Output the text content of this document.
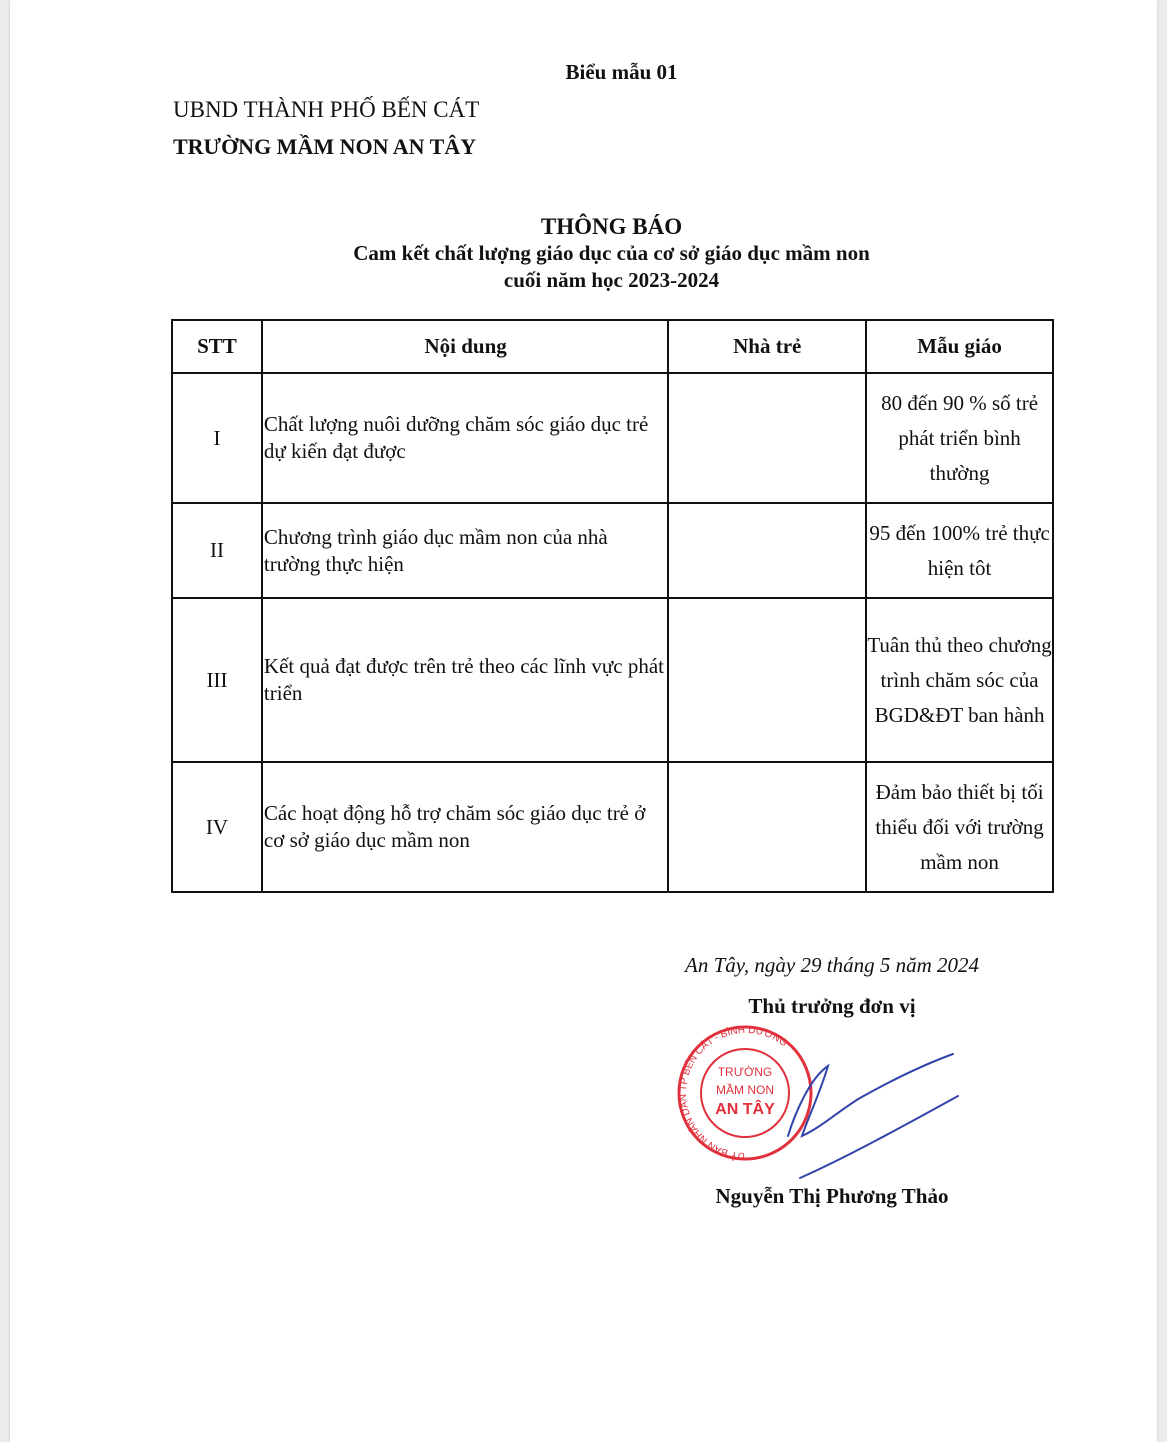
Biểu mẫu 01
UBND THÀNH PHỐ BẾN CÁT
TRƯỜNG MẦM NON AN TÂY
THÔNG BÁO
Cam kết chất lượng giáo dục của cơ sở giáo dục mầm non
cuối năm học 2023-2024
STT	Nội dung	Nhà trẻ	Mẫu giáo
I	Chất lượng nuôi dưỡng chăm sóc giáo dục trẻ dự kiến đạt được		80 đến 90 % số trẻ phát triển bình thường
II	Chương trình giáo dục mầm non của nhà trường thực hiện		95 đến 100% trẻ thực hiện tôt
III	Kết quả đạt được trên trẻ theo các lĩnh vực phát triển		Tuân thủ theo chương trình chăm sóc của BGD&ĐT ban hành
IV	Các hoạt động hỗ trợ chăm sóc giáo dục trẻ ở cơ sở giáo dục mầm non		Đảm bảo thiết bị tối thiểu đối với trường mầm non
An Tây, ngày 29 tháng 5 năm 2024
Thủ trưởng đơn vị
UỶ BAN NHÂN DÂN TP BẾN CÁT - BÌNH DƯƠNG
TRƯỜNG
MẦM NON
AN TÂY
Nguyễn Thị Phương Thảo
